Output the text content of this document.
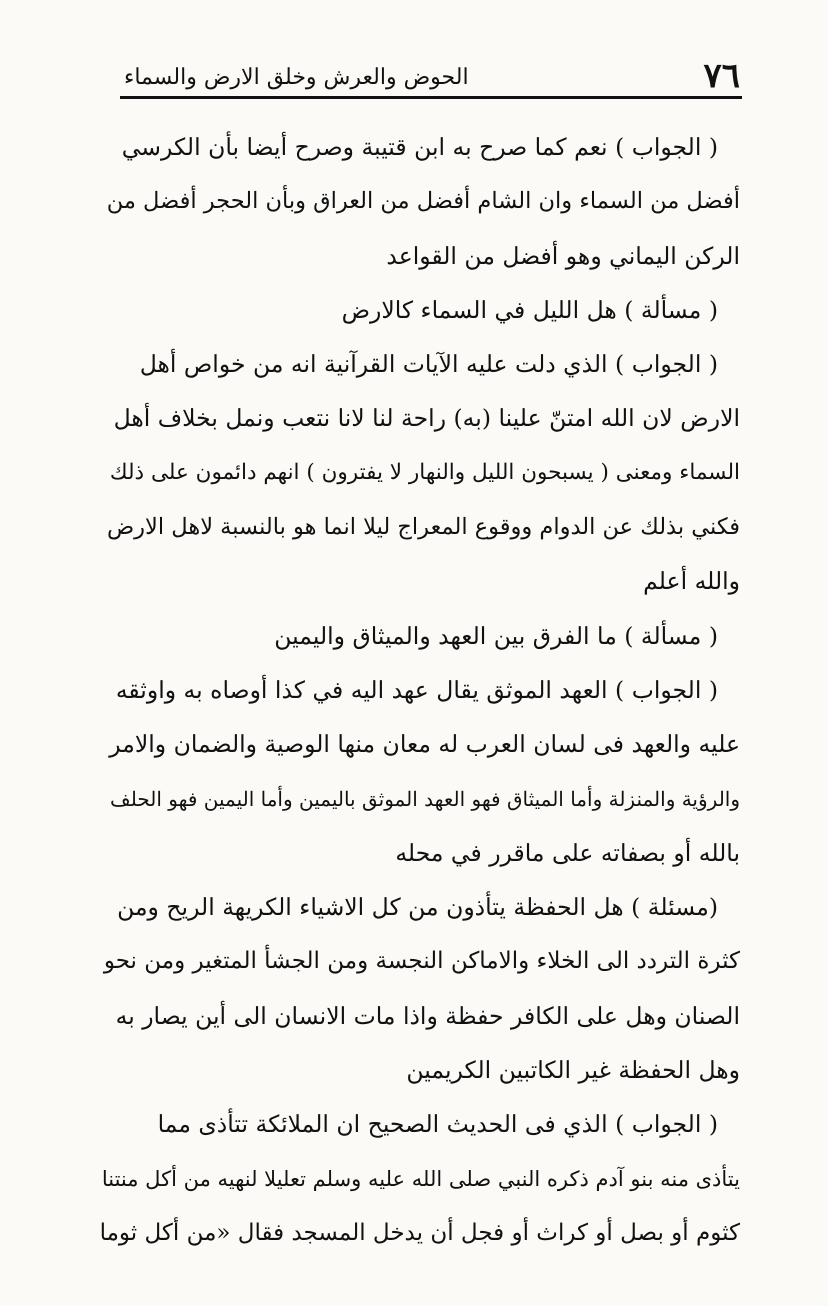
٧٦
الحوض والعرش وخلق الارض والسماء
( الجواب ) نعم كما صرح به ابن قتيبة وصرح أيضا بأن الكرسي
أفضل من السماء وان الشام أفضل من العراق وبأن الحجر أفضل من
الركن اليماني وهو أفضل من القواعد
( مسألة ) هل الليل في السماء كالارض
( الجواب ) الذي دلت عليه الآيات القرآنية انه من خواص أهل
الارض لان الله امتنّ علينا (به) راحة لنا لانا نتعب ونمل بخلاف أهل
السماء ومعنى ( يسبحون الليل والنهار لا يفترون ) انهم دائمون على ذلك
فكني بذلك عن الدوام ووقوع المعراج ليلا انما هو بالنسبة لاهل الارض
والله أعلم
( مسألة ) ما الفرق بين العهد والميثاق واليمين
( الجواب ) العهد الموثق يقال عهد اليه في كذا أوصاه به واوثقه
عليه والعهد فى لسان العرب له معان منها الوصية والضمان والامر
والرؤية والمنزلة وأما الميثاق فهو العهد الموثق باليمين وأما اليمين فهو الحلف
بالله أو بصفاته على ماقرر في محله
(مسئلة ) هل الحفظة يتأذون من كل الاشياء الكريهة الريح ومن
كثرة التردد الى الخلاء والاماكن النجسة ومن الجشأ المتغير ومن نحو
الصنان وهل على الكافر حفظة واذا مات الانسان الى أين يصار به
وهل الحفظة غير الكاتبين الكريمين
( الجواب ) الذي فى الحديث الصحيح ان الملائكة تتأذى مما
يتأذى منه بنو آدم ذكره النبي صلى الله عليه وسلم تعليلا لنهيه من أكل منتنا
كثوم أو بصل أو كراث أو فجل أن يدخل المسجد فقال «من أكل ثوما
